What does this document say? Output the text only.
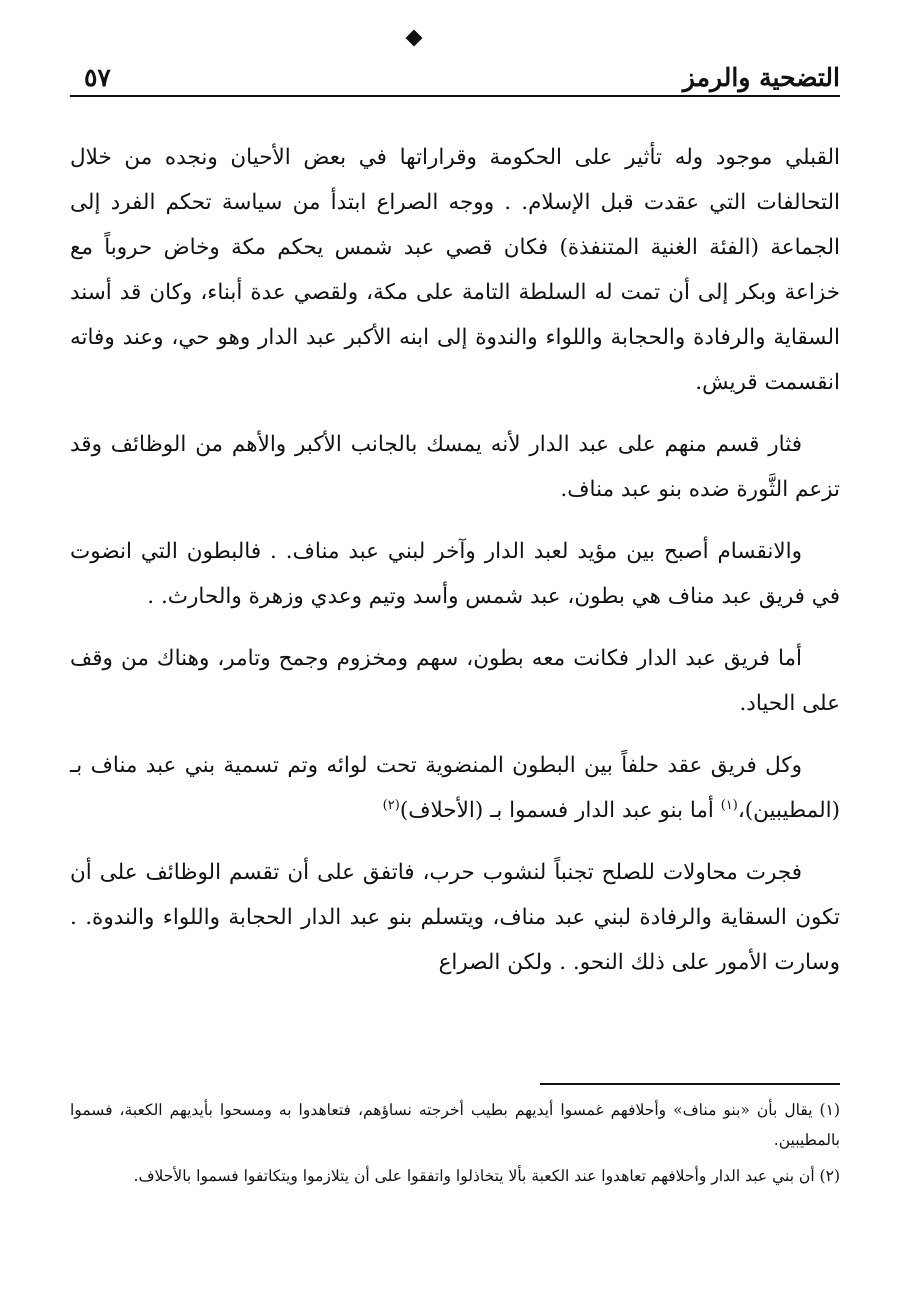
التضحية والرمز
٥٧

القبلي موجود وله تأثير على الحكومة وقراراتها في بعض الأحيان ونجده من خلال التحالفات التي عقدت قبل الإسلام. . ووجه الصراع ابتدأ من سياسة تحكم الفرد إلى الجماعة (الفئة الغنية المتنفذة) فكان قصي عبد شمس يحكم مكة وخاض حروباً مع خزاعة وبكر إلى أن تمت له السلطة التامة على مكة، ولقصي عدة أبناء، وكان قد أسند السقاية والرفادة والحجابة واللواء والندوة إلى ابنه الأكبر عبد الدار وهو حي، وعند وفاته انقسمت قريش.

فثار قسم منهم على عبد الدار لأنه يمسك بالجانب الأكبر والأهم من الوظائف وقد تزعم الثَّورة ضده بنو عبد مناف.

والانقسام أصبح بين مؤيد لعبد الدار وآخر لبني عبد مناف. . فالبطون التي انضوت في فريق عبد مناف هي بطون، عبد شمس وأسد وتيم وعدي وزهرة والحارث. .

أما فريق عبد الدار فكانت معه بطون، سهم ومخزوم وجمح وتامر، وهناك من وقف على الحياد.

وكل فريق عقد حلفاً بين البطون المنضوية تحت لوائه وتم تسمية بني عبد مناف بـ (المطيبين)،$^{(١)}$ أما بنو عبد الدار فسموا بـ (الأحلاف)$^{(٢)}$

فجرت محاولات للصلح تجنباً لنشوب حرب، فاتفق على أن تقسم الوظائف على أن تكون السقاية والرفادة لبني عبد مناف، ويتسلم بنو عبد الدار الحجابة واللواء والندوة. . وسارت الأمور على ذلك النحو. . ولكن الصراع

(١) يقال بأن «بنو مناف» وأحلافهم غمسوا أيديهم بطيب أخرجته نساؤهم، فتعاهدوا به ومسحوا بأيديهم الكعبة، فسموا بالمطيبين.

(٢) أن بني عبد الدار وأحلافهم تعاهدوا عند الكعبة بألا يتخاذلوا واتفقوا على أن يتلازموا ويتكاتفوا فسموا بالأحلاف.
